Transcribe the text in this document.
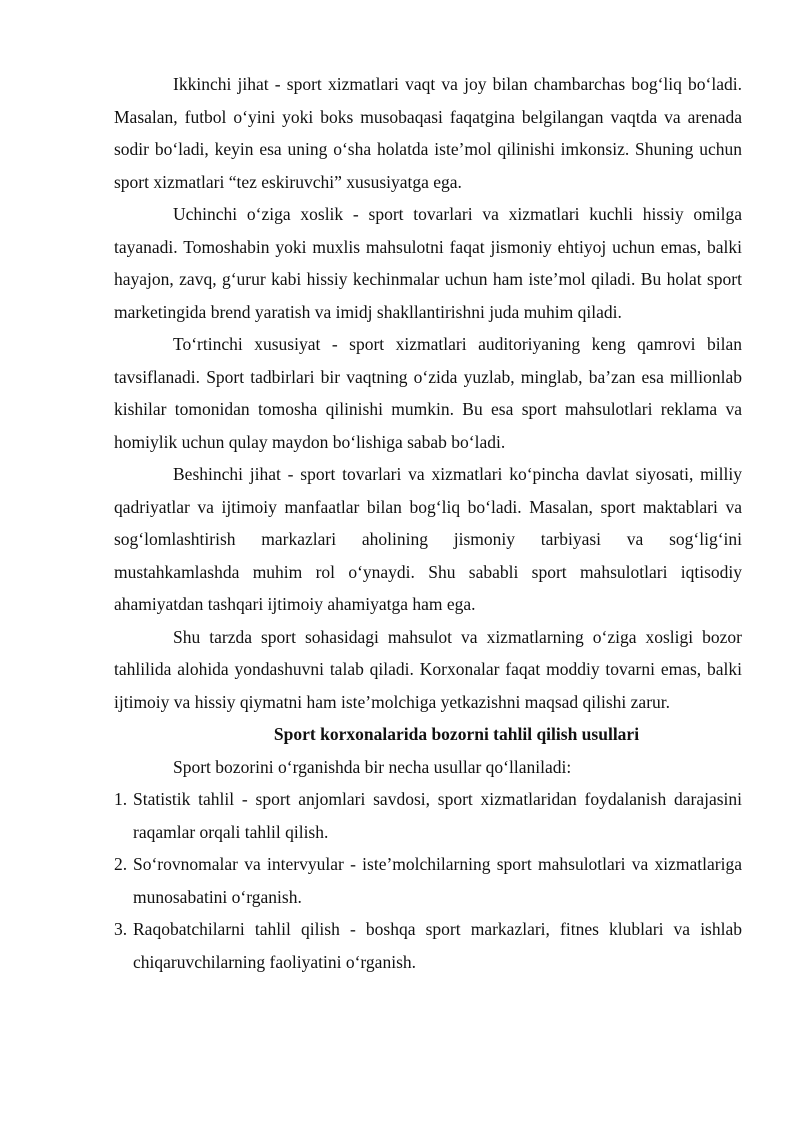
Ikkinchi jihat - sport xizmatlari vaqt va joy bilan chambarchas bog‘liq bo‘ladi. Masalan, futbol o‘yini yoki boks musobaqasi faqatgina belgilangan vaqtda va arenada sodir bo‘ladi, keyin esa uning o‘sha holatda iste’mol qilinishi imkonsiz. Shuning uchun sport xizmatlari “tez eskiruvchi” xususiyatga ega.

Uchinchi o‘ziga xoslik - sport tovarlari va xizmatlari kuchli hissiy omilga tayanadi. Tomoshabin yoki muxlis mahsulotni faqat jismoniy ehtiyoj uchun emas, balki hayajon, zavq, g‘urur kabi hissiy kechinmalar uchun ham iste’mol qiladi. Bu holat sport marketingida brend yaratish va imidj shakllantirishni juda muhim qiladi.

To‘rtinchi xususiyat - sport xizmatlari auditoriyaning keng qamrovi bilan tavsiflanadi. Sport tadbirlari bir vaqtning o‘zida yuzlab, minglab, ba’zan esa millionlab kishilar tomonidan tomosha qilinishi mumkin. Bu esa sport mahsulotlari reklama va homiylik uchun qulay maydon bo‘lishiga sabab bo‘ladi.

Beshinchi jihat - sport tovarlari va xizmatlari ko‘pincha davlat siyosati, milliy qadriyatlar va ijtimoiy manfaatlar bilan bog‘liq bo‘ladi. Masalan, sport maktablari va sog‘lomlashtirish markazlari aholining jismoniy tarbiyasi va sog‘lig‘ini mustahkamlashda muhim rol o‘ynaydi. Shu sababli sport mahsulotlari iqtisodiy ahamiyatdan tashqari ijtimoiy ahamiyatga ham ega.

Shu tarzda sport sohasidagi mahsulot va xizmatlarning o‘ziga xosligi bozor tahlilida alohida yondashuvni talab qiladi. Korxonalar faqat moddiy tovarni emas, balki ijtimoiy va hissiy qiymatni ham iste’molchiga yetkazishni maqsad qilishi zarur.

Sport korxonalarida bozorni tahlil qilish usullari

Sport bozorini o‘rganishda bir necha usullar qo‘llaniladi:

1. Statistik tahlil - sport anjomlari savdosi, sport xizmatlaridan foydalanish darajasini raqamlar orqali tahlil qilish.
2. So‘rovnomalar va intervyular - iste’molchilarning sport mahsulotlari va xizmatlariga munosabatini o‘rganish.
3. Raqobatchilarni tahlil qilish - boshqa sport markazlari, fitnes klublari va ishlab chiqaruvchilarning faoliyatini o‘rganish.
